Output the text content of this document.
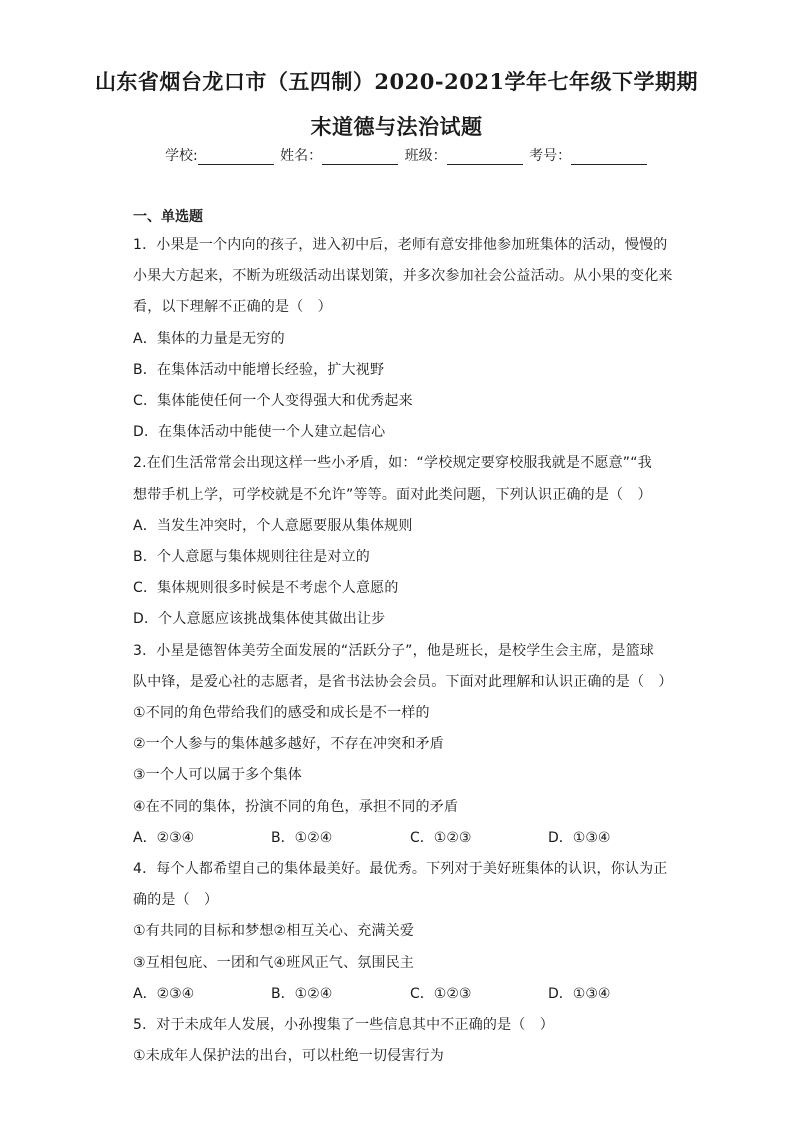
山东省烟台龙口市（五四制）2020-2021学年七年级下学期期
末道德与法治试题
学校:	姓名：	班级：	考号：
一、单选题
1．小果是一个内向的孩子，进入初中后，老师有意安排他参加班集体的活动，慢慢的
小果大方起来，不断为班级活动出谋划策，并多次参加社会公益活动。从小果的变化来
看，以下理解不正确的是（　）
A．集体的力量是无穷的
B．在集体活动中能增长经验，扩大视野
C．集体能使任何一个人变得强大和优秀起来
D．在集体活动中能使一个人建立起信心
2.在们生活常常会出现这样一些小矛盾，如：“学校规定要穿校服我就是不愿意”“我
想带手机上学，可学校就是不允许”等等。面对此类问题，下列认识正确的是（　）
A．当发生冲突时，个人意愿要服从集体规则
B．个人意愿与集体规则往往是对立的
C．集体规则很多时候是不考虑个人意愿的
D．个人意愿应该挑战集体使其做出让步
3．小星是德智体美劳全面发展的“活跃分子”，他是班长，是校学生会主席，是篮球
队中锋，是爱心社的志愿者，是省书法协会会员。下面对此理解和认识正确的是（　）
①不同的角色带给我们的感受和成长是不一样的
②一个人参与的集体越多越好，不存在冲突和矛盾
③一个人可以属于多个集体
④在不同的集体，扮演不同的角色，承担不同的矛盾
A．②③④	B．①②④	C．①②③	D．①③④
4．每个人都希望自己的集体最美好。最优秀。下列对于美好班集体的认识，你认为正
确的是（　）
①有共同的目标和梦想②相互关心、充满关爱
③互相包庇、一团和气④班风正气、氛围民主
A．②③④	B．①②④	C．①②③	D．①③④
5．对于未成年人发展，小孙搜集了一些信息其中不正确的是（　）
①未成年人保护法的出台，可以杜绝一切侵害行为
